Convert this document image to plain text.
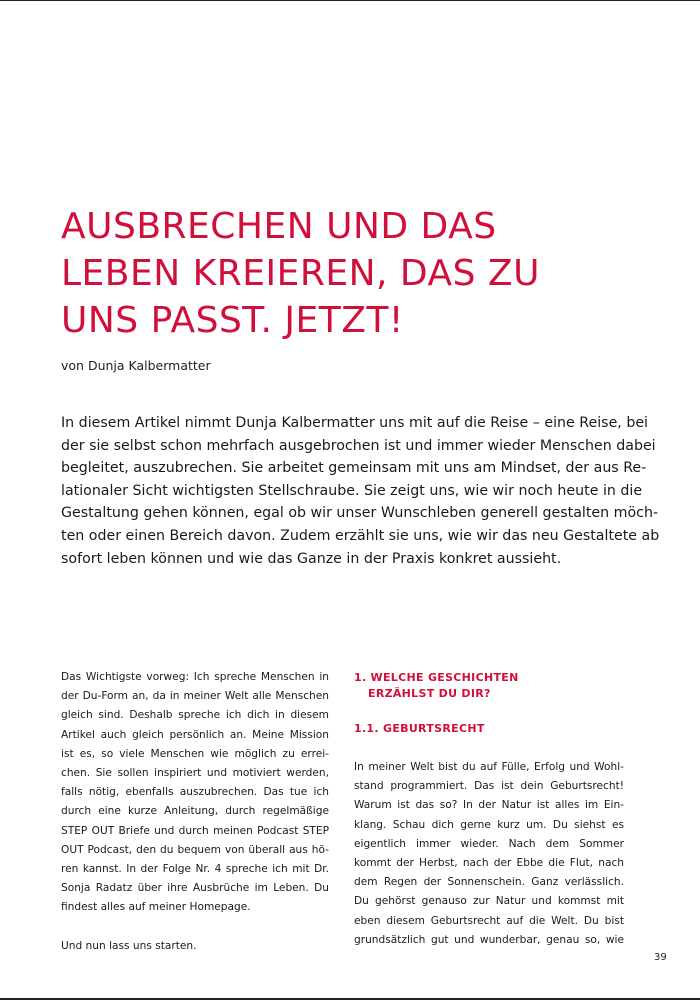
AUSBRECHEN UND DAS
LEBEN KREIEREN, DAS ZU
UNS PASST. JETZT!
von Dunja Kalbermatter
In diesem Artikel nimmt Dunja Kalbermatter uns mit auf die Reise – eine Reise, bei
der sie selbst schon mehrfach ausgebrochen ist und immer wieder Menschen dabei
begleitet, auszubrechen. Sie arbeitet gemeinsam mit uns am Mindset, der aus Re-
lationaler Sicht wichtigsten Stellschraube. Sie zeigt uns, wie wir noch heute in die
Gestaltung gehen können, egal ob wir unser Wunschleben generell gestalten möch-
ten oder einen Bereich davon. Zudem erzählt sie uns, wie wir das neu Gestaltete ab
sofort leben können und wie das Ganze in der Praxis konkret aussieht.
Das Wichtigste vorweg: Ich spreche Menschen in
der Du-Form an, da in meiner Welt alle Menschen
gleich sind. Deshalb spreche ich dich in diesem
Artikel auch gleich persönlich an. Meine Mission
ist es, so viele Menschen wie möglich zu errei-
chen. Sie sollen inspiriert und motiviert werden,
falls nötig, ebenfalls auszubrechen. Das tue ich
durch eine kurze Anleitung, durch regelmäßige
STEP OUT Briefe und durch meinen Podcast STEP
OUT Podcast, den du bequem von überall aus hö-
ren kannst. In der Folge Nr. 4 spreche ich mit Dr.
Sonja Radatz über ihre Ausbrüche im Leben. Du
findest alles auf meiner Homepage.
Und nun lass uns starten.
1. WELCHE GESCHICHTEN
ERZÄHLST DU DIR?
1.1. GEBURTSRECHT
In meiner Welt bist du auf Fülle, Erfolg und Wohl-
stand programmiert. Das ist dein Geburtsrecht!
Warum ist das so? In der Natur ist alles im Ein-
klang. Schau dich gerne kurz um. Du siehst es
eigentlich immer wieder. Nach dem Sommer
kommt der Herbst, nach der Ebbe die Flut, nach
dem Regen der Sonnenschein. Ganz verlässlich.
Du gehörst genauso zur Natur und kommst mit
eben diesem Geburtsrecht auf die Welt. Du bist
grundsätzlich gut und wunderbar, genau so, wie
39
